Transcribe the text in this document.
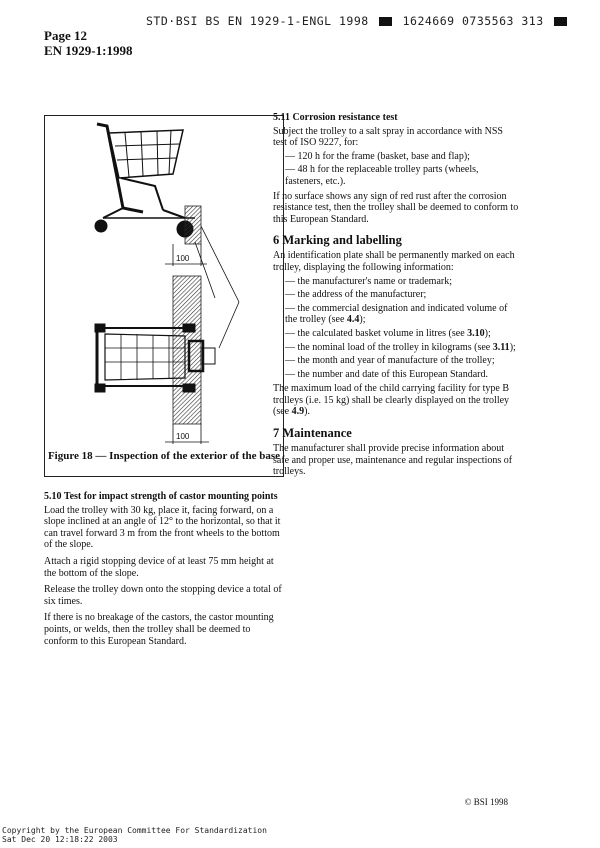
STD·BSI BS EN 1929-1-ENGL 1998	1624669 0735563 313
Page 12
EN 1929-1:1998
100
100
Figure 18 — Inspection of the exterior of the base
5.10 Test for impact strength of castor mounting points

Load the trolley with 30 kg, place it, facing forward, on a slope inclined at an angle of 12° to the horizontal, so that it can travel forward 3 m from the front wheels to the bottom of the slope.

Attach a rigid stopping device of at least 75 mm height at the bottom of the slope.

Release the trolley down onto the stopping device a total of six times.

If there is no breakage of the castors, the castor mounting points, or welds, then the trolley shall be deemed to conform to this European Standard.

5.11 Corrosion resistance test

Subject the trolley to a salt spray in accordance with NSS test of ISO 9227, for:

— 120 h for the frame (basket, base and flap);
— 48 h for the replaceable trolley parts (wheels, fasteners, etc.).

If no surface shows any sign of red rust after the corrosion resistance test, then the trolley shall be deemed to conform to this European Standard.

6 Marking and labelling

An identification plate shall be permanently marked on each trolley, displaying the following information:

— the manufacturer's name or trademark;
— the address of the manufacturer;
— the commercial designation and indicated volume of the trolley (see 4.4);
— the calculated basket volume in litres (see 3.10);
— the nominal load of the trolley in kilograms (see 3.11);
— the month and year of manufacture of the trolley;
— the number and date of this European Standard.

The maximum load of the child carrying facility for type B trolleys (i.e. 15 kg) shall be clearly displayed on the trolley (see 4.9).

7 Maintenance

The manufacturer shall provide precise information about safe and proper use, maintenance and regular inspections of trolleys.

© BSI 1998
Copyright by the European Committee For Standardization
Sat Dec 20 12:18:22 2003
